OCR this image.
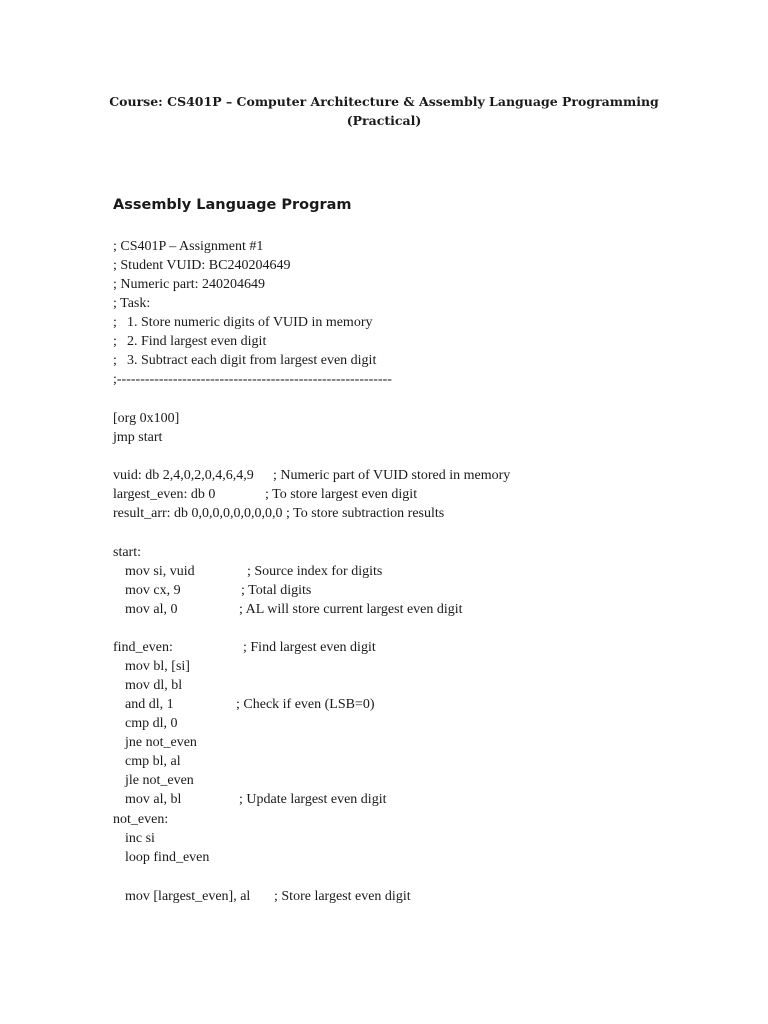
Course: CS401P – Computer Architecture & Assembly Language Programming
(Practical)
Assembly Language Program
; CS401P – Assignment #1
; Student VUID: BC240204649
; Numeric part: 240204649
; Task:
; 1. Store numeric digits of VUID in memory
; 2. Find largest even digit
; 3. Subtract each digit from largest even digit
;-----------------------------------------------------------
[org 0x100]
jmp start
vuid: db 2,4,0,2,0,4,6,4,9 ; Numeric part of VUID stored in memory
largest_even: db 0	; To store largest even digit
result_arr: db 0,0,0,0,0,0,0,0,0 ; To store subtraction results
start:
mov si, vuid	; Source index for digits
mov cx, 9	; Total digits
mov al, 0	; AL will store current largest even digit
find_even:	; Find largest even digit
mov bl, [si]
mov dl, bl
and dl, 1	; Check if even (LSB=0)
cmp dl, 0
jne not_even
cmp bl, al
jle not_even
mov al, bl	; Update largest even digit
not_even:
inc si
loop find_even
mov [largest_even], al ; Store largest even digit
